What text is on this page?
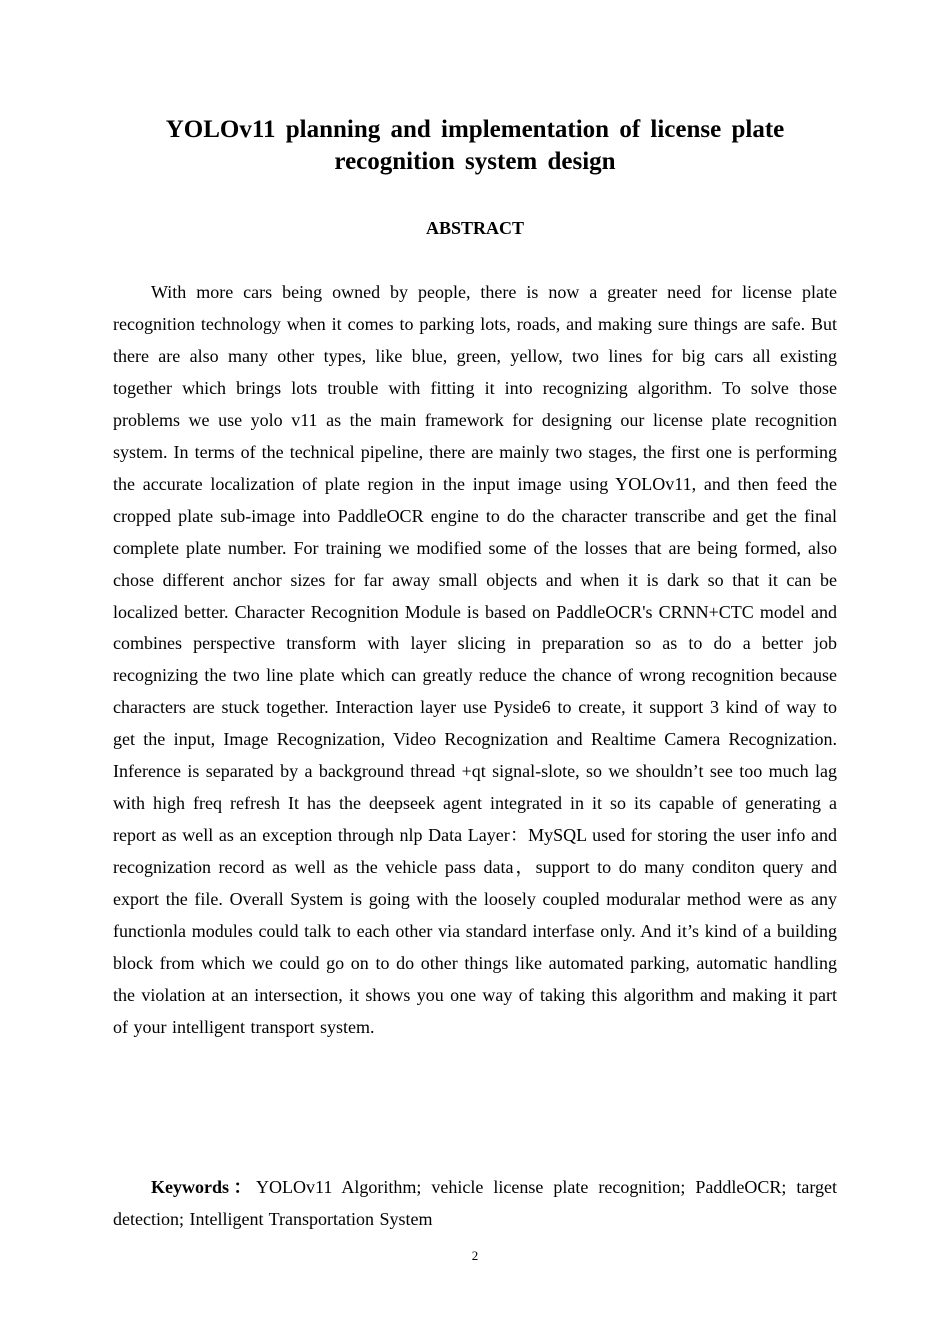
YOLOv11 planning and implementation of license plate recognition system design
ABSTRACT

With more cars being owned by people, there is now a greater need for license plate recognition technology when it comes to parking lots, roads, and making sure things are safe. But there are also many other types, like blue, green, yellow, two lines for big cars all existing together which brings lots trouble with fitting it into recognizing algorithm. To solve those problems we use yolo v11 as the main framework for designing our license plate recognition system. In terms of the technical pipeline, there are mainly two stages, the first one is performing the accurate localization of plate region in the input image using YOLOv11, and then feed the cropped plate sub-image into PaddleOCR engine to do the character transcribe and get the final complete plate number. For training we modified some of the losses that are being formed, also chose different anchor sizes for far away small objects and when it is dark so that it can be localized better. Character Recognition Module is based on PaddleOCR's CRNN+CTC model and combines perspective transform with layer slicing in preparation so as to do a better job recognizing the two line plate which can greatly reduce the chance of wrong recognition because characters are stuck together. Interaction layer use Pyside6 to create, it support 3 kind of way to get the input, Image Recognization, Video Recognization and Realtime Camera Recognization. Inference is separated by a background thread +qt signal-slote, so we shouldn’t see too much lag with high freq refresh It has the deepseek agent integrated in it so its capable of generating a report as well as an exception through nlp Data Layer：MySQL used for storing the user info and recognization record as well as the vehicle pass data，support to do many conditon query and export the file. Overall System is going with the loosely coupled moduralar method were as any functionla modules could talk to each other via standard interfase only. And it’s kind of a building block from which we could go on to do other things like automated parking, automatic handling the violation at an intersection, it shows you one way of taking this algorithm and making it part of your intelligent transport system.

Keywords：YOLOv11 Algorithm; vehicle license plate recognition; PaddleOCR; target detection; Intelligent Transportation System

2
